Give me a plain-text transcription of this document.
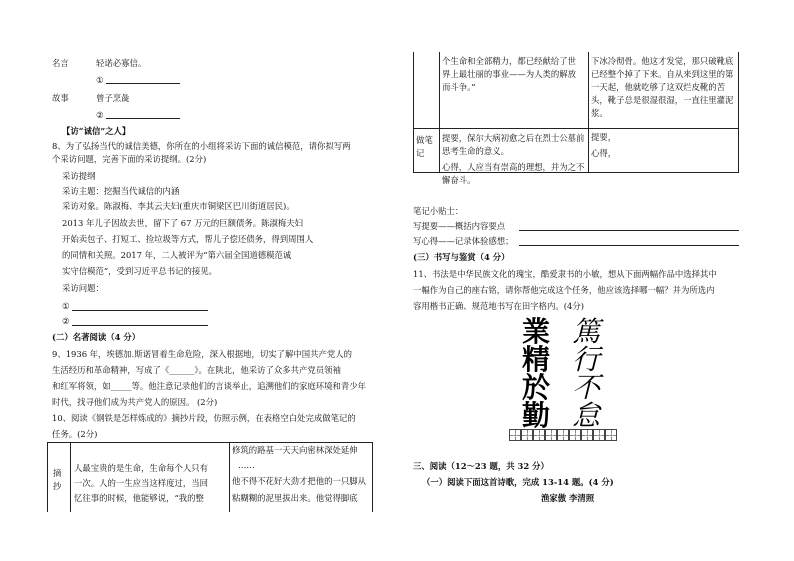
名言	轻诺必寡信。
①
故事	曾子烹彘
②
【访“诚信”之人】
8、为了弘扬当代的诚信美德，你所在的小组将采访下面的诚信模范，请你拟写两
个采访问题，完善下面的采访提纲。(2分)
采访提纲
采访主题：挖掘当代诚信的内涵
采访对象。陈淑梅、李其云夫妇(重庆市铜梁区巴川街道居民)。
2013 年儿子因故去世，留下了 67 万元的巨额债务。陈淑梅夫妇
开始卖包子、打短工、捡垃圾等方式，帮儿子偿还债务，得到周围人
的同情和关照。2017 年，二人被评为“第六届全国道德模范诚
实守信模范”，受到习近平总书记的接见。
采访问题：
①
②
(二）名著阅读（4 分）
9、1936 年，埃德加.斯诺冒着生命危险，深入根据地，切实了解中国共产党人的
生活经历和革命精神，写成了《______》。在陕北，他采访了众多共产党员领袖
和红军将领，如_____等。他注意记录他们的言谈举止，追溯他们的家庭环境和青少年
时代，找寻他们成为共产党人的原因。 (2分)
10、阅读《钢铁是怎样炼成的》摘抄片段，仿照示例，在表格空白处完成做笔记的
任务。(2分)
摘抄
人最宝贵的是生命，生命每个人只有
一次。人的一生应当这样度过，当回
忆往事的时候，他能够说，“我的整
修筑的路基一天天向密林深处延伸
……
他不得不花好大劲才把他的一只脚从
粘糊糊的泥里拔出来。他觉得脚底
个生命和全部精力，都已经献给了世界上最壮丽的事业——为人类的解放而斗争。”
下冰冷彻骨。他这才发觉，那只破靴底已经整个掉了下来。自从来到这里的第一天起，他就吃够了这双烂皮靴的苦头，靴子总是很湿很湿，一直往里灌泥浆。
做笔记
提要，保尔大病初愈之后在烈士公墓前思考生命的意义。
心得，人应当有崇高的理想，并为之不懈奋斗。
提要，
心得，
笔记小贴士：
写提要——概括内容要点
写心得——记录体验感想；
(三）书写与鉴赏（4 分）
11、书法是中华民族文化的瑰宝，酷爱隶书的小敏，想从下面两幅作品中选择其中
一幅作为自己的座右铭，请你帮他完成这个任务，他应该选择哪一幅？并为所选内
容用楷书正确、规范地书写在田字格内。(4分)
業
精
於
勤
篤
行
不
怠
三、阅读（12～23 题，共 32 分）
（一）阅读下面这首诗歌，完成 13-14 题。(4 分)
渔家傲 李清照
